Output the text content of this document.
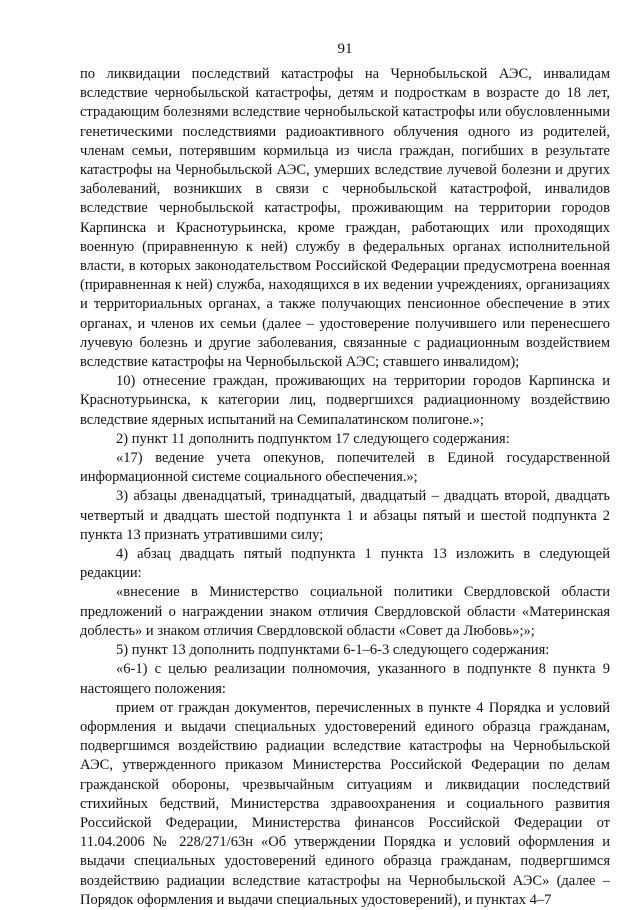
91

по ликвидации последствий катастрофы на Чернобыльской АЭС, инвалидам вследствие чернобыльской катастрофы, детям и подросткам в возрасте до 18 лет, страдающим болезнями вследствие чернобыльской катастрофы или обусловленными генетическими последствиями радиоактивного облучения одного из родителей, членам семьи, потерявшим кормильца из числа граждан, погибших в результате катастрофы на Чернобыльской АЭС, умерших вследствие лучевой болезни и других заболеваний, возникших в связи с чернобыльской катастрофой, инвалидов вследствие чернобыльской катастрофы, проживающим на территории городов Карпинска и Краснотурьинска, кроме граждан, работающих или проходящих военную (приравненную к ней) службу в федеральных органах исполнительной власти, в которых законодательством Российской Федерации предусмотрена военная (приравненная к ней) служба, находящихся в их ведении учреждениях, организациях и территориальных органах, а также получающих пенсионное обеспечение в этих органах, и членов их семьи (далее – удостоверение получившего или перенесшего лучевую болезнь и другие заболевания, связанные с радиационным воздействием вследствие катастрофы на Чернобыльской АЭС; ставшего инвалидом);

10) отнесение граждан, проживающих на территории городов Карпинска и Краснотурьинска, к категории лиц, подвергшихся радиационному воздействию вследствие ядерных испытаний на Семипалатинском полигоне.»;

2) пункт 11 дополнить подпунктом 17 следующего содержания:

«17) ведение учета опекунов, попечителей в Единой государственной информационной системе социального обеспечения.»;

3) абзацы двенадцатый, тринадцатый, двадцатый – двадцать второй, двадцать четвертый и двадцать шестой подпункта 1 и абзацы пятый и шестой подпункта 2 пункта 13 признать утратившими силу;

4) абзац двадцать пятый подпункта 1 пункта 13 изложить в следующей редакции:

«внесение в Министерство социальной политики Свердловской области предложений о награждении знаком отличия Свердловской области «Материнская доблесть» и знаком отличия Свердловской области «Совет да Любовь»;»;

5) пункт 13 дополнить подпунктами 6-1–6-3 следующего содержания:

«6-1) с целью реализации полномочия, указанного в подпункте 8 пункта 9 настоящего положения:

прием от граждан документов, перечисленных в пункте 4 Порядка и условий оформления и выдачи специальных удостоверений единого образца гражданам, подвергшимся воздействию радиации вследствие катастрофы на Чернобыльской АЭС, утвержденного приказом Министерства Российской Федерации по делам гражданской обороны, чрезвычайным ситуациям и ликвидации последствий стихийных бедствий, Министерства здравоохранения и социального развития Российской Федерации, Министерства финансов Российской Федерации от 11.04.2006 № 228/271/63н «Об утверждении Порядка и условий оформления и выдачи специальных удостоверений единого образца гражданам, подвергшимся воздействию радиации вследствие катастрофы на Чернобыльской АЭС» (далее – Порядок оформления и выдачи специальных удостоверений), и пунктах 4–7
